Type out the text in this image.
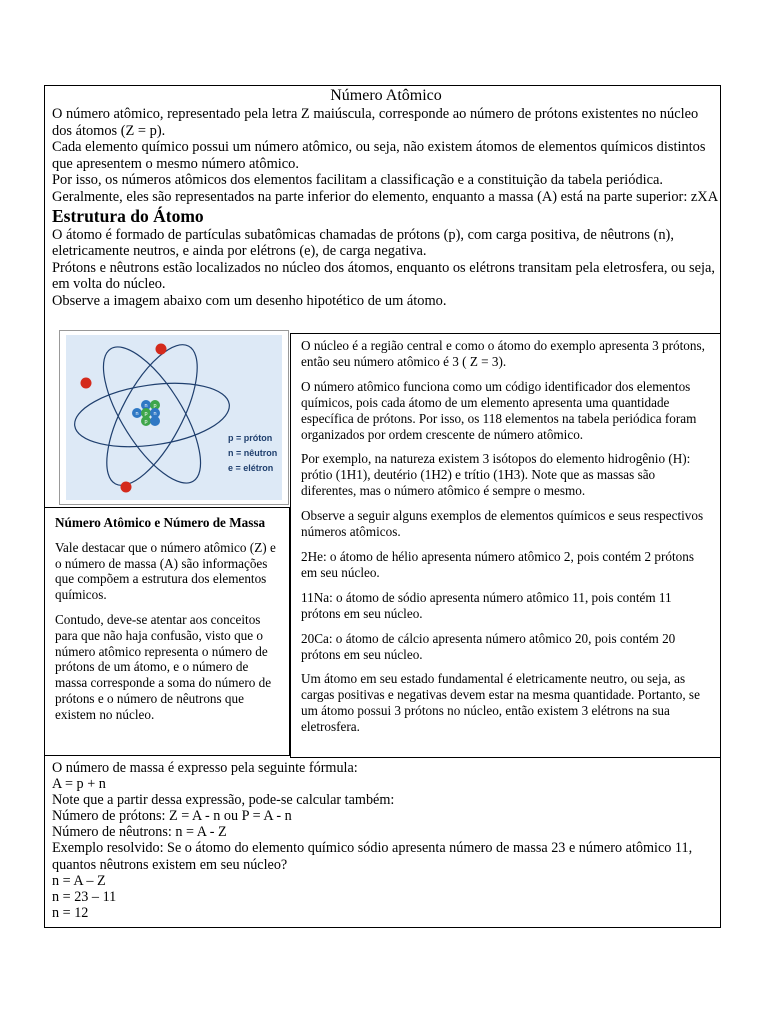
Número Atômico

O número atômico, representado pela letra Z maiúscula, corresponde ao número de prótons existentes no núcleo dos átomos (Z = p).

Cada elemento químico possui um número atômico, ou seja, não existem átomos de elementos químicos distintos que apresentem o mesmo número atômico.

Por isso, os números atômicos dos elementos facilitam a classificação e a constituição da tabela periódica.

Geralmente, eles são representados na parte inferior do elemento, enquanto a massa (A) está na parte superior: zXA

Estrutura do Átomo

O átomo é formado de partículas subatômicas chamadas de prótons (p), com carga positiva, de nêutrons (n), eletricamente neutros, e ainda por elétrons (e), de carga negativa.

Prótons e nêutrons estão localizados no núcleo dos átomos, enquanto os elétrons transitam pela eletrosfera, ou seja, em volta do núcleo.

Observe a imagem abaixo com um desenho hipotético de um átomo.

n p n
p
n
p
p = próton
n = nêutron
e = elétron

Número Atômico e Número de Massa

Vale destacar que o número atômico (Z) e o número de massa (A) são informações que compõem a estrutura dos elementos químicos.

Contudo, deve-se atentar aos conceitos para que não haja confusão, visto que o número atômico representa o número de prótons de um átomo, e o número de massa corresponde a soma do número de prótons e o número de nêutrons que existem no núcleo.

O núcleo é a região central e como o átomo do exemplo apresenta 3 prótons, então seu número atômico é 3 ( Z = 3).

O número atômico funciona como um código identificador dos elementos químicos, pois cada átomo de um elemento apresenta uma quantidade específica de prótons. Por isso, os 118 elementos na tabela periódica foram organizados por ordem crescente de número atômico.

Por exemplo, na natureza existem 3 isótopos do elemento hidrogênio (H): prótio (1H1), deutério (1H2) e trítio (1H3). Note que as massas são diferentes, mas o número atômico é sempre o mesmo.

Observe a seguir alguns exemplos de elementos químicos e seus respectivos números atômicos.

2He: o átomo de hélio apresenta número atômico 2, pois contém 2 prótons em seu núcleo.

11Na: o átomo de sódio apresenta número atômico 11, pois contém 11 prótons em seu núcleo.

20Ca: o átomo de cálcio apresenta número atômico 20, pois contém 20 prótons em seu núcleo.

Um átomo em seu estado fundamental é eletricamente neutro, ou seja, as cargas positivas e negativas devem estar na mesma quantidade. Portanto, se um átomo possui 3 prótons no núcleo, então existem 3 elétrons na sua eletrosfera.

O número de massa é expresso pela seguinte fórmula:

A = p + n

Note que a partir dessa expressão, pode-se calcular também:

Número de prótons: Z = A - n ou P = A - n

Número de nêutrons: n = A - Z

Exemplo resolvido: Se o átomo do elemento químico sódio apresenta número de massa 23 e número atômico 11, quantos nêutrons existem em seu núcleo?

n = A – Z

n = 23 – 11

n = 12
